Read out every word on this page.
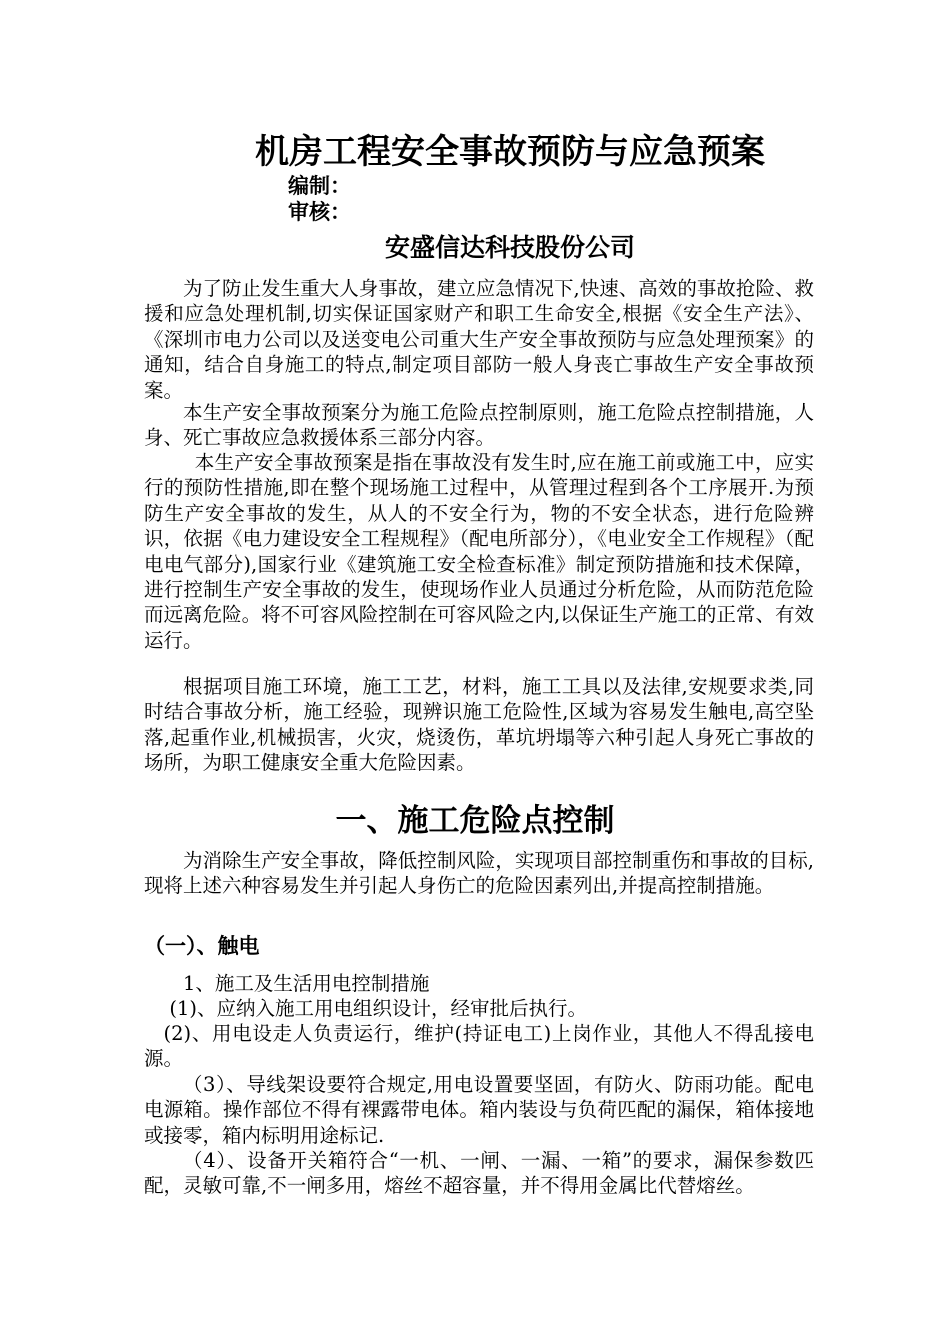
机房工程安全事故预防与应急预案
编制：
审核：
安盛信达科技股份公司

为了防止发生重大人身事故，建立应急情况下,快速、高效的事故抢险、救援和应急处理机制,切实保证国家财产和职工生命安全,根据《安全生产法》、《深圳市电力公司以及送变电公司重大生产安全事故预防与应急处理预案》的通知，结合自身施工的特点,制定项目部防一般人身丧亡事故生产安全事故预案。

本生产安全事故预案分为施工危险点控制原则，施工危险点控制措施，人身、死亡事故应急救援体系三部分内容。

本生产安全事故预案是指在事故没有发生时,应在施工前或施工中，应实行的预防性措施,即在整个现场施工过程中，从管理过程到各个工序展开.为预防生产安全事故的发生，从人的不安全行为，物的不安全状态，进行危险辨识，依据《电力建设安全工程规程》（配电所部分），《电业安全工作规程》（配电电气部分),国家行业《建筑施工安全检查标准》制定预防措施和技术保障，进行控制生产安全事故的发生，使现场作业人员通过分析危险，从而防范危险而远离危险。将不可容风险控制在可容风险之内,以保证生产施工的正常、有效运行。

根据项目施工环境，施工工艺，材料，施工工具以及法律,安规要求类,同时结合事故分析，施工经验，现辨识施工危险性,区域为容易发生触电,高空坠落,起重作业,机械损害，火灾，烧烫伤，革坑坍塌等六种引起人身死亡事故的场所，为职工健康安全重大危险因素。

一、施工危险点控制

为消除生产安全事故，降低控制风险，实现项目部控制重伤和事故的目标,现将上述六种容易发生并引起人身伤亡的危险因素列出,并提高控制措施。

（一）、触电

1、施工及生活用电控制措施

(1)、应纳入施工用电组织设计，经审批后执行。

(2)、用电设走人负责运行，维护(持证电工)上岗作业，其他人不得乱接电源。

（3）、导线架设要符合规定,用电设置要坚固，有防火、防雨功能。配电电源箱。操作部位不得有裸露带电体。箱内装设与负荷匹配的漏保，箱体接地或接零，箱内标明用途标记.

（4）、设备开关箱符合“一机、一闸、一漏、一箱”的要求，漏保参数匹配，灵敏可靠,不一闸多用，熔丝不超容量，并不得用金属比代替熔丝。
